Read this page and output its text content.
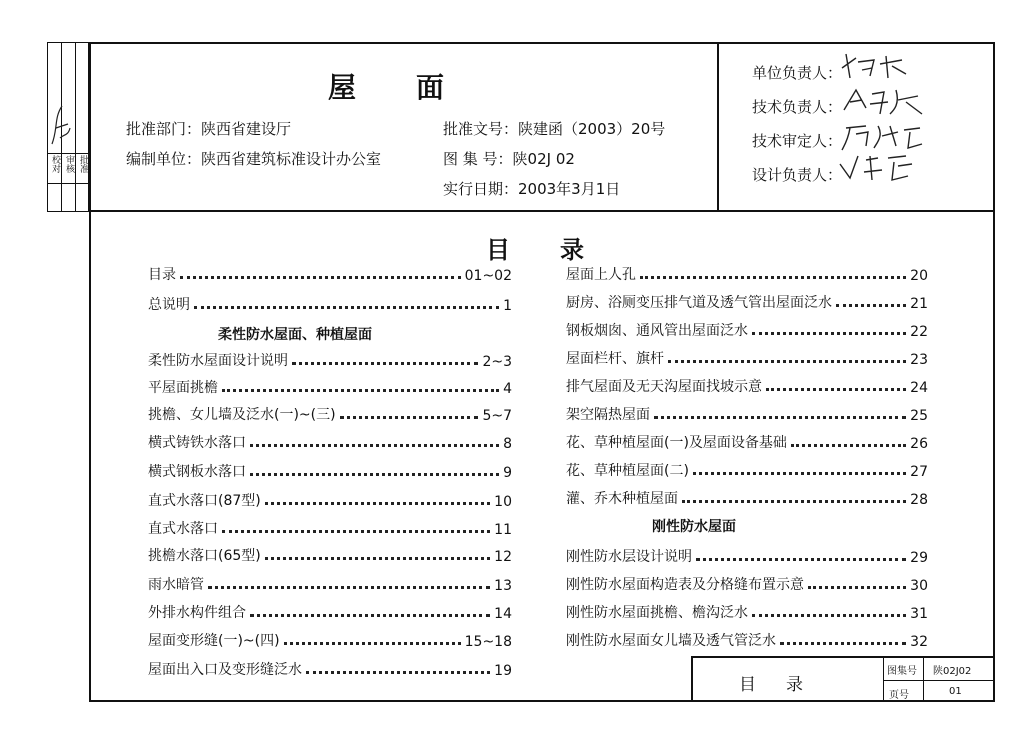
批准
审核
校对
屋面
批准部门：陕西省建设厅
编制单位：陕西省建筑标准设计办公室
批准文号：陕建函（2003）20号
图 集 号：陕02J 02
实行日期：2003年3月1日
单位负责人：
技术负责人：
技术审定人：
设计负责人：
目录
目录	01~02
总说明	1
柔性防水屋面、种植屋面
柔性防水屋面设计说明	2~3
平屋面挑檐	4
挑檐、女儿墙及泛水(一)~(三)	5~7
横式铸铁水落口	8
横式钢板水落口	9
直式水落口(87型)	10
直式水落口	11
挑檐水落口(65型)	12
雨水暗管	13
外排水构件组合	14
屋面变形缝(一)~(四)	15~18
屋面出入口及变形缝泛水	19
屋面上人孔	20
厨房、浴厕变压排气道及透气管出屋面泛水	21
钢板烟囱、通风管出屋面泛水	22
屋面栏杆、旗杆	23
排气屋面及无天沟屋面找坡示意	24
架空隔热屋面	25
花、草种植屋面(一)及屋面设备基础	26
花、草种植屋面(二)	27
灌、乔木种植屋面	28
刚性防水屋面
刚性防水层设计说明	29
刚性防水屋面构造表及分格缝布置示意	30
刚性防水屋面挑檐、檐沟泛水	31
刚性防水屋面女儿墙及透气管泛水	32
目录
图集号 陕02J02
页号	01
